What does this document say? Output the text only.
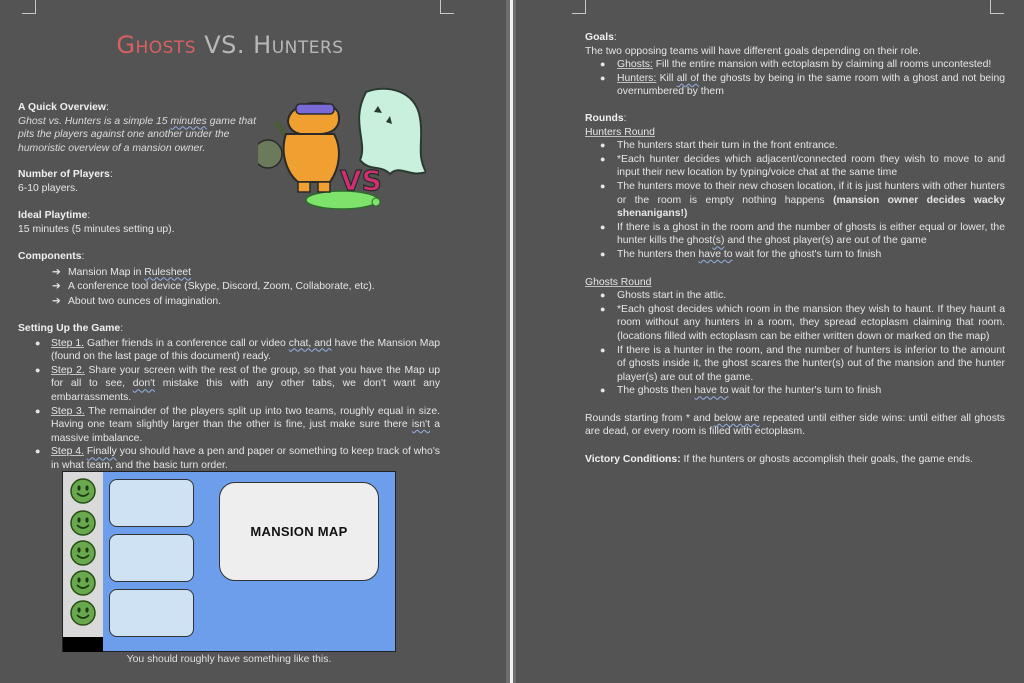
Ghosts VS. Hunters
VS
A Quick Overview:
Ghost vs. Hunters is a simple 15 minutes game that pits the players against one another under the humoristic overview of a mansion owner.
Number of Players:
6-10 players.
Ideal Playtime:
15 minutes (5 minutes setting up).
Components:
➔ Mansion Map in Rulesheet
➔ A conference tool device (Skype, Discord, Zoom, Collaborate, etc).
➔ About two ounces of imagination.
Setting Up the Game:
● Step 1. Gather friends in a conference call or video chat, and have the Mansion Map (found on the last page of this document) ready.
● Step 2. Share your screen with the rest of the group, so that you have the Map up for all to see, don't mistake this with any other tabs, we don't want any embarrassments.
● Step 3. The remainder of the players split up into two teams, roughly equal in size. Having one team slightly larger than the other is fine, just make sure there isn't a massive imbalance.
● Step 4. Finally you should have a pen and paper or something to keep track of who's in what team, and the basic turn order.
MANSION MAP
You should roughly have something like this.
Goals:
The two opposing teams will have different goals depending on their role.
● Ghosts: Fill the entire mansion with ectoplasm by claiming all rooms uncontested!
● Hunters: Kill all of the ghosts by being in the same room with a ghost and not being overnumbered by them
Rounds:
Hunters Round
● The hunters start their turn in the front entrance.
● *Each hunter decides which adjacent/connected room they wish to move to and input their new location by typing/voice chat at the same time
● The hunters move to their new chosen location, if it is just hunters with other hunters or the room is empty nothing happens (mansion owner decides wacky shenanigans!)
● If there is a ghost in the room and the number of ghosts is either equal or lower, the hunter kills the ghost(s) and the ghost player(s) are out of the game
● The hunters then have to wait for the ghost's turn to finish
Ghosts Round
● Ghosts start in the attic.
● *Each ghost decides which room in the mansion they wish to haunt. If they haunt a room without any hunters in a room, they spread ectoplasm claiming that room. (locations filled with ectoplasm can be either written down or marked on the map)
● If there is a hunter in the room, and the number of hunters is inferior to the amount of ghosts inside it, the ghost scares the hunter(s) out of the mansion and the hunter player(s) are out of the game.
● The ghosts then have to wait for the hunter's turn to finish
Rounds starting from * and below are repeated until either side wins: until either all ghosts are dead, or every room is filled with ectoplasm.
Victory Conditions: If the hunters or ghosts accomplish their goals, the game ends.
